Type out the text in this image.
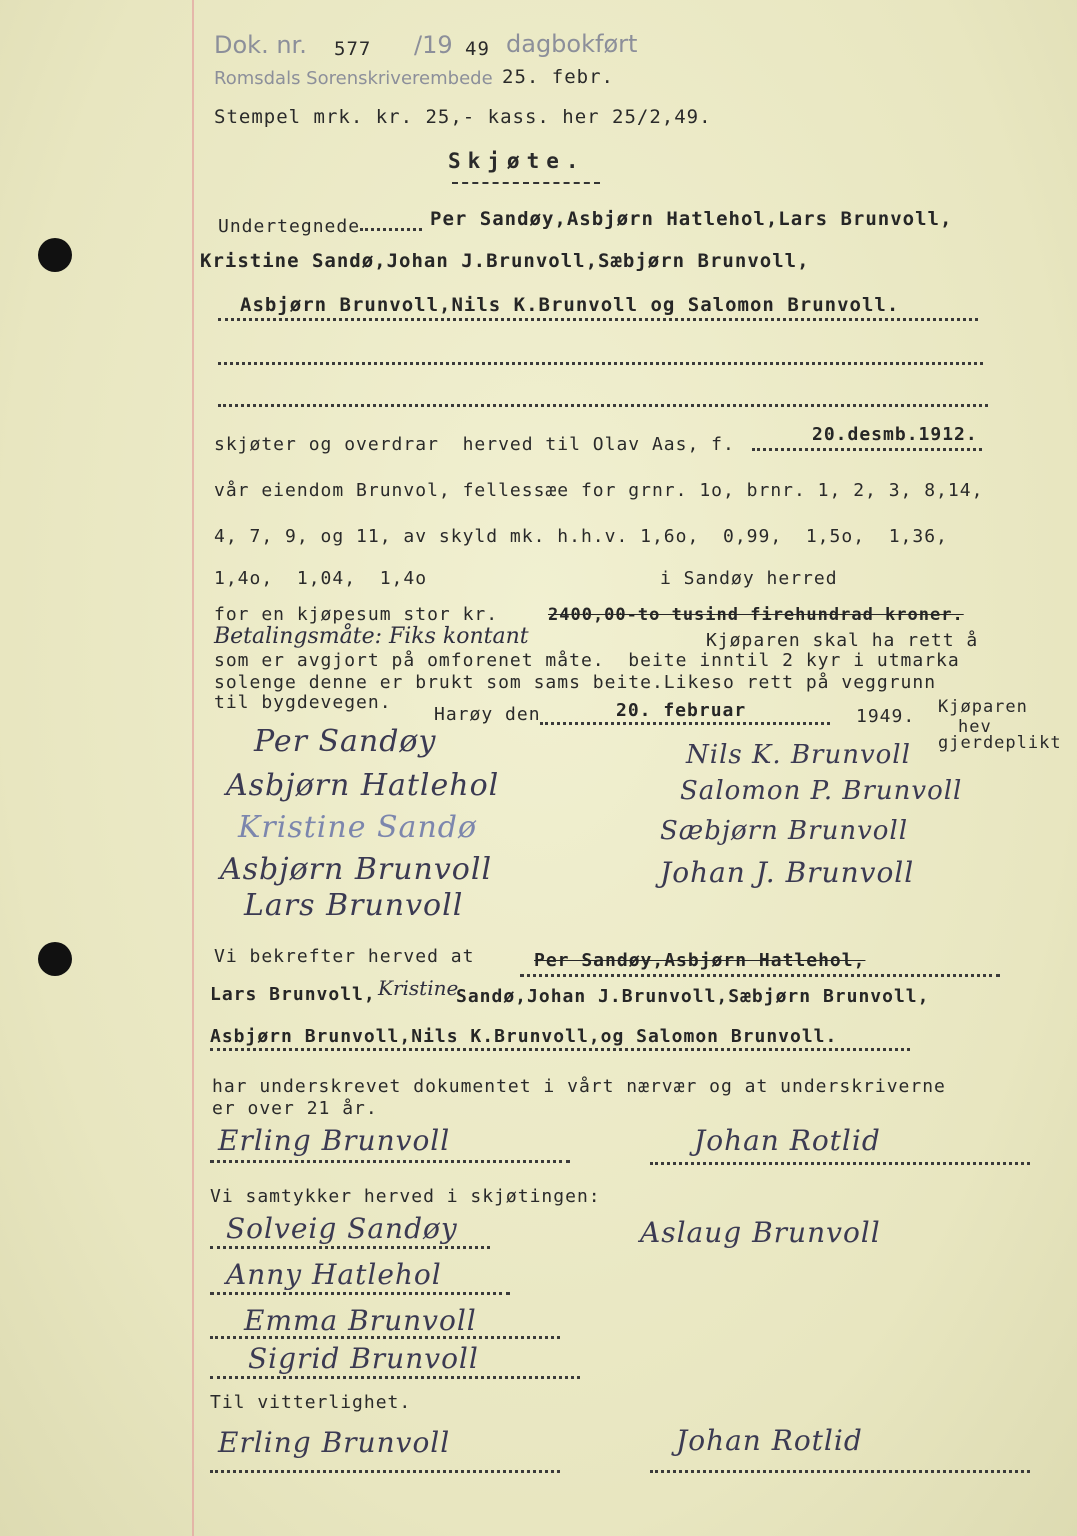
Dok. nr. 577 /19 49 dagbokført
Romsdals Sorenskriverembede 25. febr.
Stempel mrk. kr. 25,- kass. her 25/2,49.
Skjøte.
Undertegnede	Per Sandøy,Asbjørn Hatlehol,Lars Brunvoll,
Kristine Sandø,Johan J.Brunvoll,Sæbjørn Brunvoll,
Asbjørn Brunvoll,Nils K.Brunvoll og Salomon Brunvoll.
skjøter og overdrar  herved til Olav Aas, f.	20.desmb.1912.
vår eiendom Brunvol, fellessæe for grnr. 1o, brnr. 1, 2, 3, 8,14,
4, 7, 9, og 11, av skyld mk. h.h.v. 1,6o,  0,99,  1,5o,  1,36,
1,4o,  1,04,  1,4o	i Sandøy herred
for en kjøpesum stor kr.	2400,00-to tusind firehundrad kroner.
Betalingsmåte: Fiks kontant	Kjøparen skal ha rett å
som er avgjort på omforenet måte.  beite inntil 2 kyr i utmarka
solenge denne er brukt som sams beite.Likeso rett på veggrunn
til bygdevegen.
Harøy den	20. februar	1949. Kjøparen
hev
gjerdeplikt
Per Sandøy
Asbjørn Hatlehol
Kristine Sandø
Asbjørn Brunvoll
Lars Brunvoll
Nils K. Brunvoll
Salomon P. Brunvoll
Sæbjørn Brunvoll
Johan J. Brunvoll
Vi bekrefter herved at	Per Sandøy,Asbjørn Hatlehol,
Lars Brunvoll, Kristine
Sandø,Johan J.Brunvoll,Sæbjørn Brunvoll,
Asbjørn Brunvoll,Nils K.Brunvoll,og Salomon Brunvoll.
har underskrevet dokumentet i vårt nærvær og at underskriverne
er over 21 år.
Erling Brunvoll	Johan Rotlid
Vi samtykker herved i skjøtingen:
Solveig Sandøy	Aslaug Brunvoll
Anny Hatlehol
Emma Brunvoll
Sigrid Brunvoll
Til vitterlighet.
Erling Brunvoll	Johan Rotlid
